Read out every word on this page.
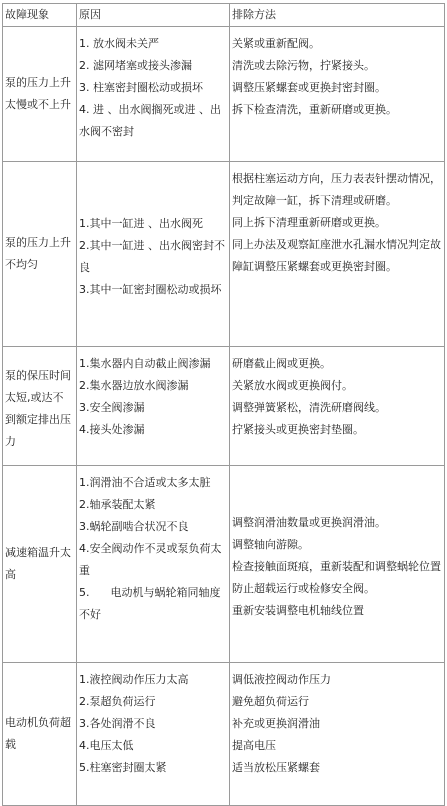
故障现象	原因	排除方法
泵的压力上升太慢或不上升	1. 放水阀未关严
2. 滤网堵塞或接头渗漏
3. 柱塞密封圈松动或损坏
4. 进 、出水阀搁死或进 、出水阀不密封	关紧或重新配阀。
清洗或去除污物，拧紧接头。
调整压紧螺套或更换封密封圈。
拆下检查清洗，重新研磨或更换。

泵的压力上升不均匀	1.其中一缸进 、出水阀死
2.其中一缸进 、出水阀密封不良
3.其中一缸密封圈松动或损坏	根据柱塞运动方向，压力表表针摆动情况，判定故障一缸，拆下清理或研磨。
同上拆下清理重新研磨或更换。
同上办法及观察缸座泄水孔漏水情况判定故障缸调整压紧螺套或更换密封圈。

泵的保压时间太短,或达不到额定排出压力	1.集水器内自动截止阀渗漏
2.集水器边放水阀渗漏
3.安全阀渗漏
4.接头处渗漏	研磨截止阀或更换。
关紧放水阀或更换阀付。
调整弹簧紧松，清洗研磨阀线。
拧紧接头或更换密封垫圈。

减速箱温升太高	1.润滑油不合适或太多太脏
2.轴承装配太紧
3.蜗轮副啮合状况不良
4.安全阀动作不灵或泵负荷太重
5.      电动机与蜗轮箱同轴度不好	调整润滑油数量或更换润滑油。
调整轴向游隙。
检查接触面斑痕，重新装配和调整蜗轮位置防止超载运行或检修安全阀。
重新安装调整电机轴线位置

电动机负荷超载	1.液控阀动作压力太高
2.泵超负荷运行
3.各处润滑不良
4.电压太低
5.柱塞密封圈太紧	调低液控阀动作压力
避免超负荷运行
补充或更换润滑油
提高电压
适当放松压紧螺套
